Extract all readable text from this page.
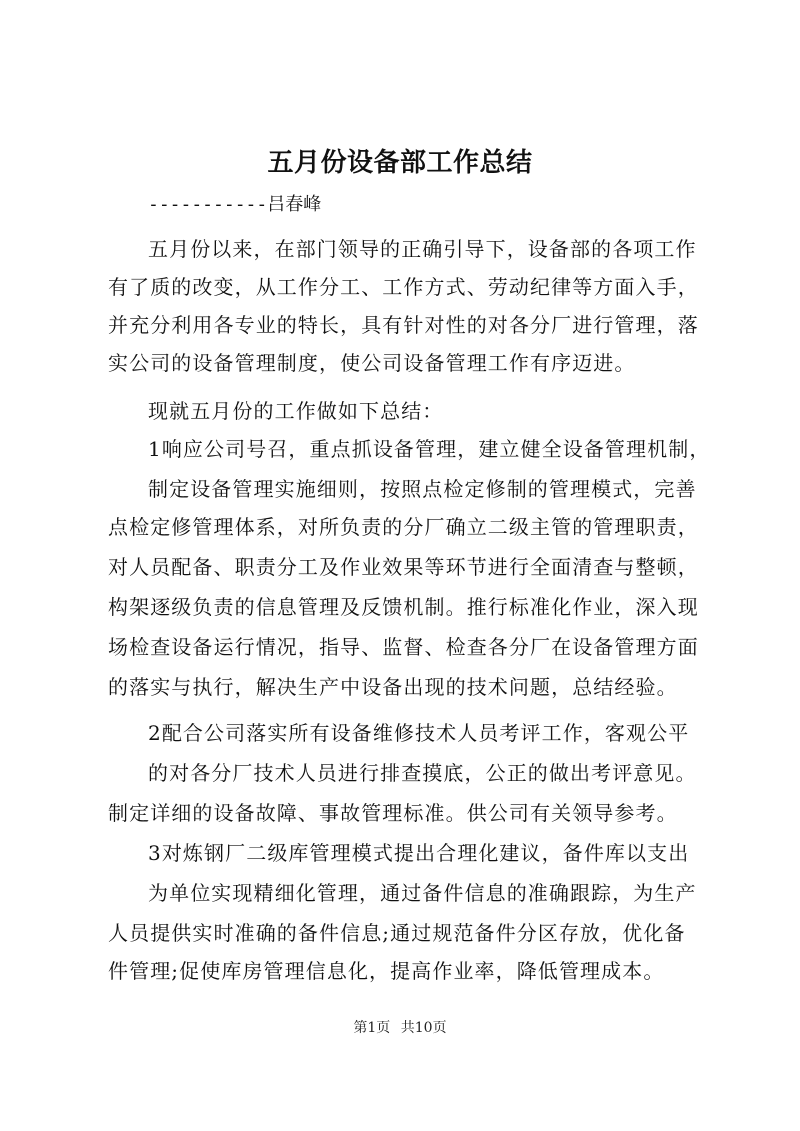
五月份设备部工作总结
-----------吕春峰
五月份以来，在部门领导的正确引导下，设备部的各项工作
有了质的改变，从工作分工、工作方式、劳动纪律等方面入手，
并充分利用各专业的特长，具有针对性的对各分厂进行管理，落
实公司的设备管理制度，使公司设备管理工作有序迈进。
现就五月份的工作做如下总结：
1响应公司号召，重点抓设备管理，建立健全设备管理机制，
制定设备管理实施细则，按照点检定修制的管理模式，完善
点检定修管理体系，对所负责的分厂确立二级主管的管理职责，
对人员配备、职责分工及作业效果等环节进行全面清查与整顿，
构架逐级负责的信息管理及反馈机制。推行标准化作业，深入现
场检查设备运行情况，指导、监督、检查各分厂在设备管理方面
的落实与执行，解决生产中设备出现的技术问题，总结经验。
2配合公司落实所有设备维修技术人员考评工作，客观公平
的对各分厂技术人员进行排查摸底，公正的做出考评意见。
制定详细的设备故障、事故管理标准。供公司有关领导参考。
3对炼钢厂二级库管理模式提出合理化建议，备件库以支出
为单位实现精细化管理，通过备件信息的准确跟踪，为生产
人员提供实时准确的备件信息;通过规范备件分区存放，优化备
件管理;促使库房管理信息化，提高作业率，降低管理成本。
第1页 共10页
